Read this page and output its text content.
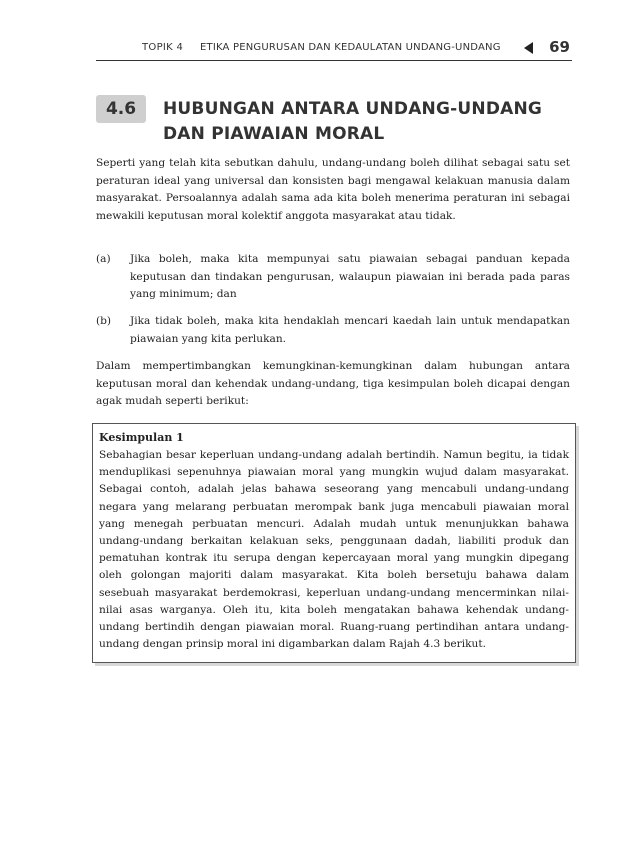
TOPIK 4 ETIKA PENGURUSAN DAN KEDAULATAN UNDANG-UNDANG	69
4.6	HUBUNGAN ANTARA UNDANG-UNDANG DAN PIAWAIAN MORAL
Seperti yang telah kita sebutkan dahulu, undang-undang boleh dilihat sebagai satu set peraturan ideal yang universal dan konsisten bagi mengawal kelakuan manusia dalam masyarakat. Persoalannya adalah sama ada kita boleh menerima peraturan ini sebagai mewakili keputusan moral kolektif anggota masyarakat atau tidak.
(a) Jika boleh, maka kita mempunyai satu piawaian sebagai panduan kepada keputusan dan tindakan pengurusan, walaupun piawaian ini berada pada paras yang minimum; dan
(b) Jika tidak boleh, maka kita hendaklah mencari kaedah lain untuk mendapatkan piawaian yang kita perlukan.
Dalam mempertimbangkan kemungkinan-kemungkinan dalam hubungan antara keputusan moral dan kehendak undang-undang, tiga kesimpulan boleh dicapai dengan agak mudah seperti berikut:
Kesimpulan 1
Sebahagian besar keperluan undang-undang adalah bertindih. Namun begitu, ia tidak menduplikasi sepenuhnya piawaian moral yang mungkin wujud dalam masyarakat. Sebagai contoh, adalah jelas bahawa seseorang yang mencabuli undang-undang negara yang melarang perbuatan merompak bank juga mencabuli piawaian moral yang menegah perbuatan mencuri. Adalah mudah untuk menunjukkan bahawa undang-undang berkaitan kelakuan seks, penggunaan dadah, liabiliti produk dan pematuhan kontrak itu serupa dengan kepercayaan moral yang mungkin dipegang oleh golongan majoriti dalam masyarakat. Kita boleh bersetuju bahawa dalam sesebuah masyarakat berdemokrasi, keperluan undang-undang mencerminkan nilai-nilai asas warganya. Oleh itu, kita boleh mengatakan bahawa kehendak undang-undang bertindih dengan piawaian moral. Ruang-ruang pertindihan antara undang-undang dengan prinsip moral ini digambarkan dalam Rajah 4.3 berikut.
